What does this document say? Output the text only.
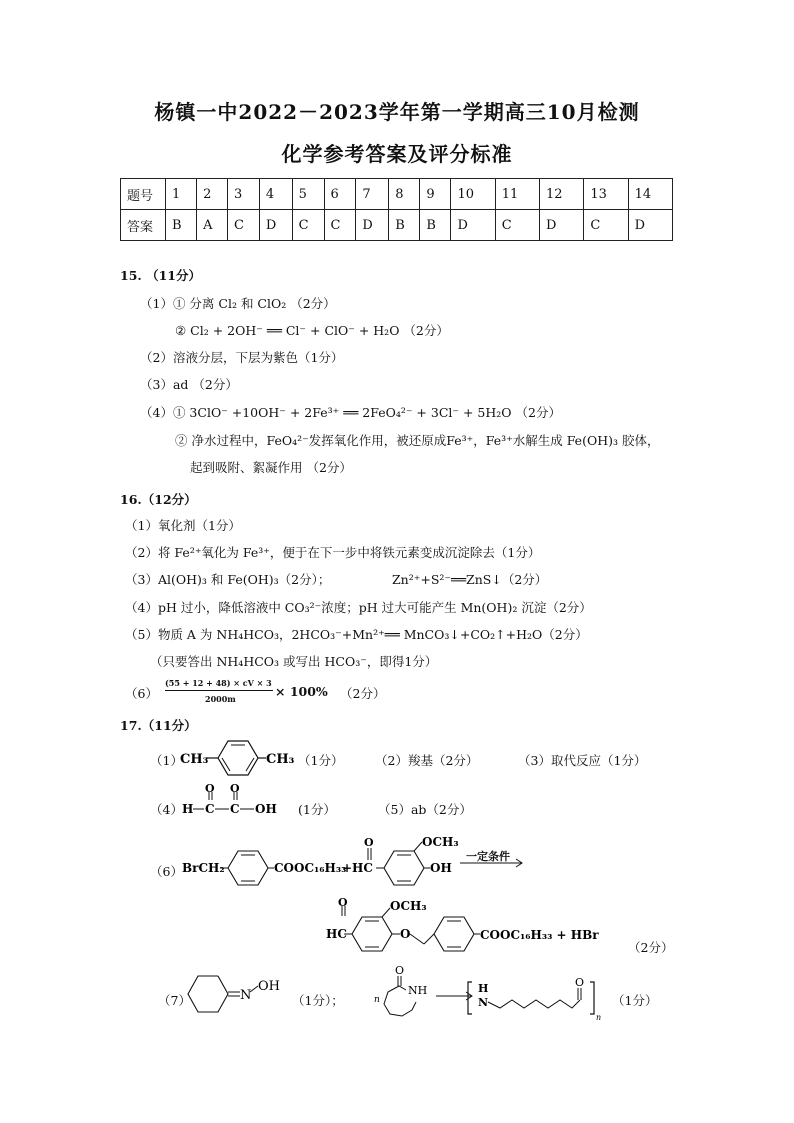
杨镇一中2022－2023学年第一学期高三10月检测
化学参考答案及评分标准
题号	1	2	3	4	5	6	7	8	9	10	11	12	13	14
答案	B	A	C	D	C	C	D	B	B	D	C	D	C	D
15. （11分）
（1）① 分离 Cl₂ 和 ClO₂ （2分）
② Cl₂ + 2OH⁻ ══ Cl⁻ + ClO⁻ + H₂O （2分）
（2）溶液分层，下层为紫色（1分）
（3）ad （2分）
（4）① 3ClO⁻ +10OH⁻ + 2Fe³⁺ ══ 2FeO₄²⁻ + 3Cl⁻ + 5H₂O （2分）
② 净水过程中，FeO₄²⁻发挥氧化作用，被还原成Fe³⁺，Fe³⁺水解生成 Fe(OH)₃ 胶体，
起到吸附、絮凝作用 （2分）
16.（12分）
（1）氧化剂（1分）
（2）将 Fe²⁺氧化为 Fe³⁺，便于在下一步中将铁元素变成沉淀除去（1分）
（3）Al(OH)₃ 和 Fe(OH)₃（2分）；	Zn²⁺+S²⁻══ZnS↓（2分）
（4）pH 过小，降低溶液中 CO₃²⁻浓度；pH 过大可能产生 Mn(OH)₂ 沉淀（2分）
（5）物质 A 为 NH₄HCO₃，2HCO₃⁻+Mn²⁺══ MnCO₃↓+CO₂↑+H₂O（2分）
（只要答出 NH₄HCO₃ 或写出 HCO₃⁻，即得1分）
（6）
(55 + 12 + 48) × cV × 3
2000m	× 100% （2分）
17.（11分）
（1）
CH₃	CH₃ （1分）	（2）羧基（2分）	（3）取代反应（1分）
（4） H C
O
C
O
OH (1分）	（5）ab（2分）
（6） BrCH₂	COOC₁₆H₃₃
+HC
O	OCH₃
OH
一定条件
O
HC
OCH₃
O	COOC₁₆H₃₃ + HBr
（2分）
（7）	N
OH
（1分）；	n
O
NH	H
N
O
n
（1分）
